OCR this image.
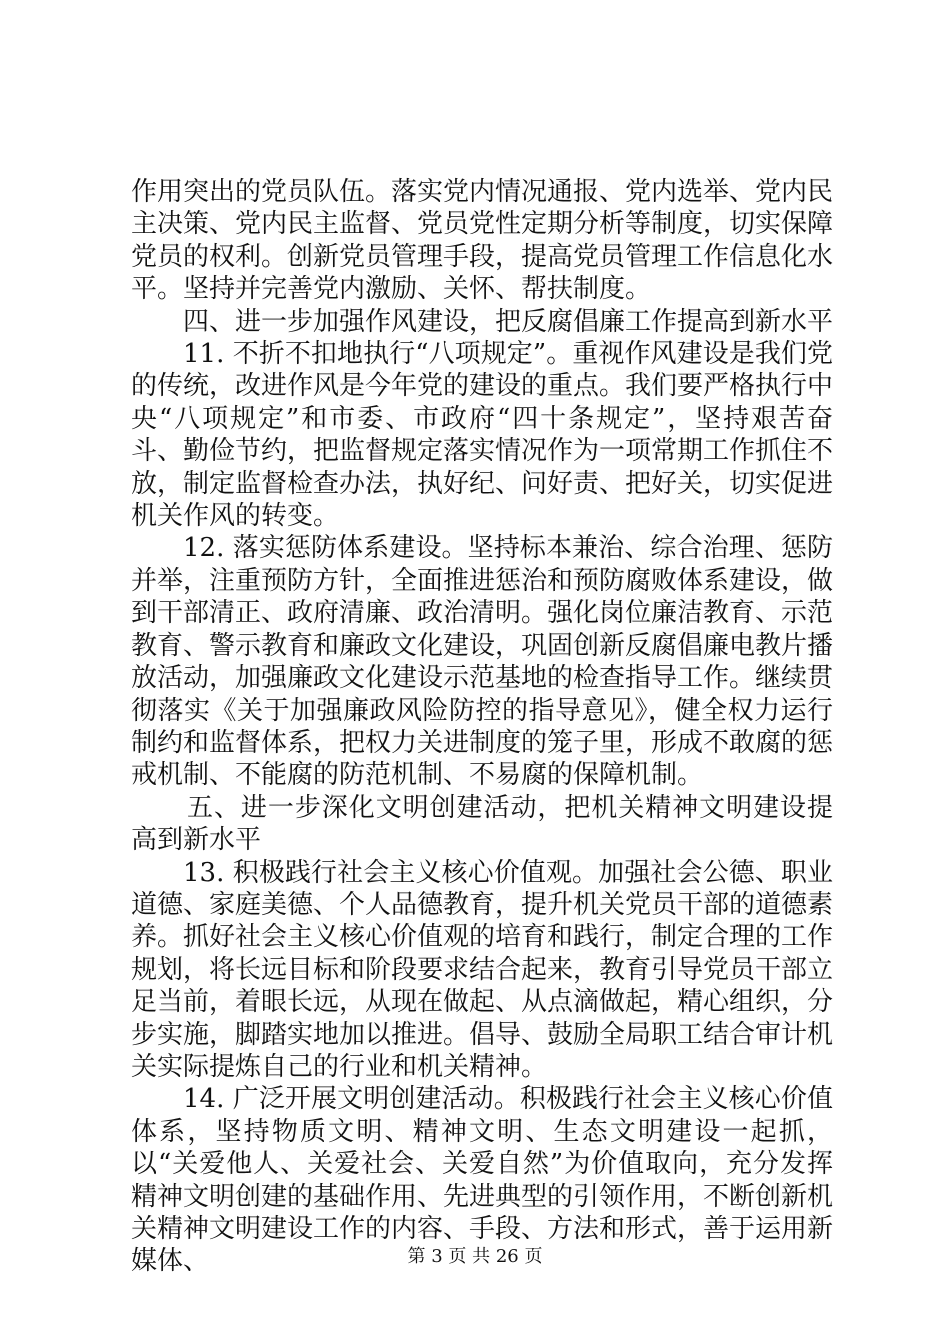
作用突出的党员队伍。落实党内情况通报、党内选举、党内民主决策、党内民主监督、党员党性定期分析等制度，切实保障党员的权利。创新党员管理手段，提高党员管理工作信息化水平。坚持并完善党内激励、关怀、帮扶制度。

四、进一步加强作风建设，把反腐倡廉工作提高到新水平

11. 不折不扣地执行“八项规定”。重视作风建设是我们党的传统，改进作风是今年党的建设的重点。我们要严格执行中央“八项规定”和市委、市政府“四十条规定”，坚持艰苦奋斗、勤俭节约，把监督规定落实情况作为一项常期工作抓住不放，制定监督检查办法，执好纪、问好责、把好关，切实促进机关作风的转变。

12. 落实惩防体系建设。坚持标本兼治、综合治理、惩防并举，注重预防方针，全面推进惩治和预防腐败体系建设，做到干部清正、政府清廉、政治清明。强化岗位廉洁教育、示范教育、警示教育和廉政文化建设，巩固创新反腐倡廉电教片播放活动，加强廉政文化建设示范基地的检查指导工作。继续贯彻落实《关于加强廉政风险防控的指导意见》，健全权力运行制约和监督体系，把权力关进制度的笼子里，形成不敢腐的惩戒机制、不能腐的防范机制、不易腐的保障机制。

五、进一步深化文明创建活动，把机关精神文明建设提高到新水平

13. 积极践行社会主义核心价值观。加强社会公德、职业道德、家庭美德、个人品德教育，提升机关党员干部的道德素养。抓好社会主义核心价值观的培育和践行，制定合理的工作规划，将长远目标和阶段要求结合起来，教育引导党员干部立足当前，着眼长远，从现在做起、从点滴做起，精心组织，分步实施，脚踏实地加以推进。倡导、鼓励全局职工结合审计机关实际提炼自己的行业和机关精神。

14. 广泛开展文明创建活动。积极践行社会主义核心价值体系，坚持物质文明、精神文明、生态文明建设一起抓，以“关爱他人、关爱社会、关爱自然”为价值取向，充分发挥精神文明创建的基础作用、先进典型的引领作用，不断创新机关精神文明建设工作的内容、手段、方法和形式，善于运用新媒体、	第 3 页 共 26 页
